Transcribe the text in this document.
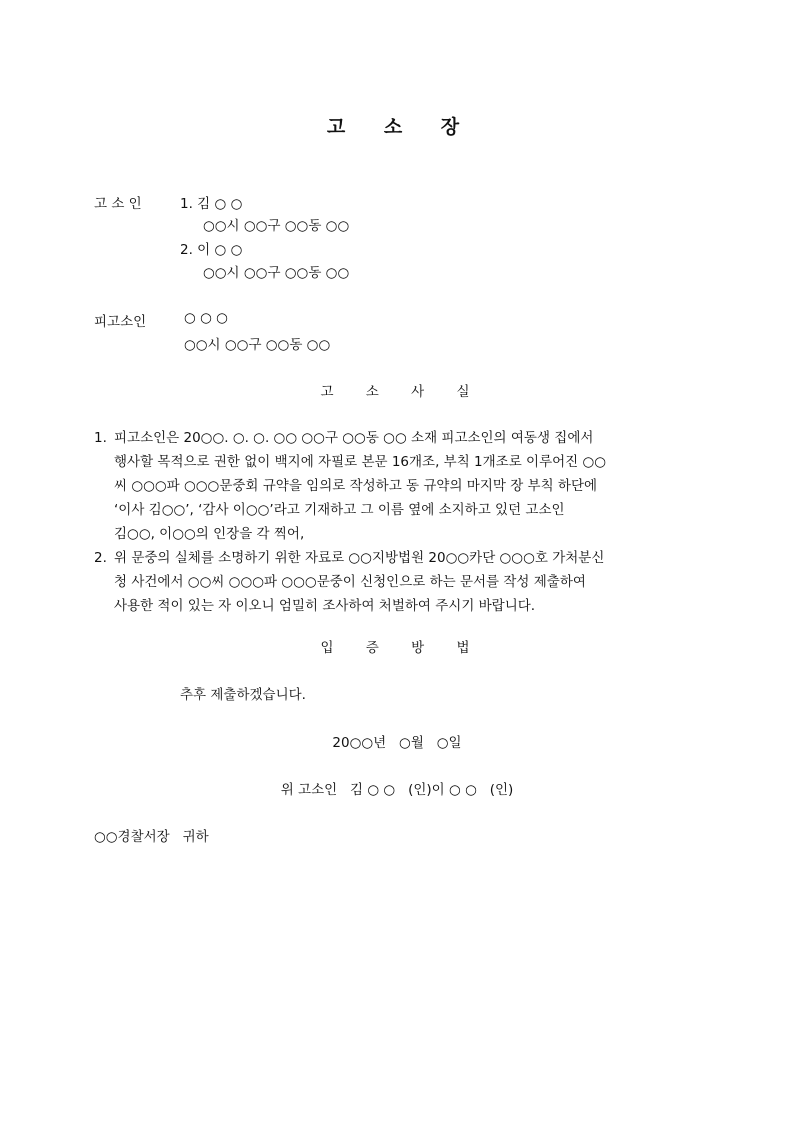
고 소 장
고 소 인	1. 김 ○ ○
○○시 ○○구 ○○동 ○○
2. 이 ○ ○
○○시 ○○구 ○○동 ○○
피고소인	○ ○ ○
○○시 ○○구 ○○동 ○○
고 소 사 실
1. 피고소인은 20○○. ○. ○. ○○ ○○구 ○○동 ○○ 소재 피고소인의 여동생 집에서
행사할 목적으로 권한 없이 백지에 자필로 본문 16개조, 부칙 1개조로 이루어진 ○○
씨 ○○○파 ○○○문중회 규약을 임의로 작성하고 동 규약의 마지막 장 부칙 하단에
‘이사 김○○’, ‘감사 이○○’라고 기재하고 그 이름 옆에 소지하고 있던 고소인
김○○, 이○○의 인장을 각 찍어,
2. 위 문중의 실체를 소명하기 위한 자료로 ○○지방법원 20○○카단 ○○○호 가처분신
청 사건에서 ○○씨 ○○○파 ○○○문중이 신청인으로 하는 문서를 작성 제출하여
사용한 적이 있는 자 이오니 엄밀히 조사하여 처벌하여 주시기 바랍니다.
입 증 방 법
추후 제출하겠습니다.
20○○년   ○월   ○일
위 고소인   김 ○ ○   (인)이 ○ ○   (인)
○○경찰서장   귀하
